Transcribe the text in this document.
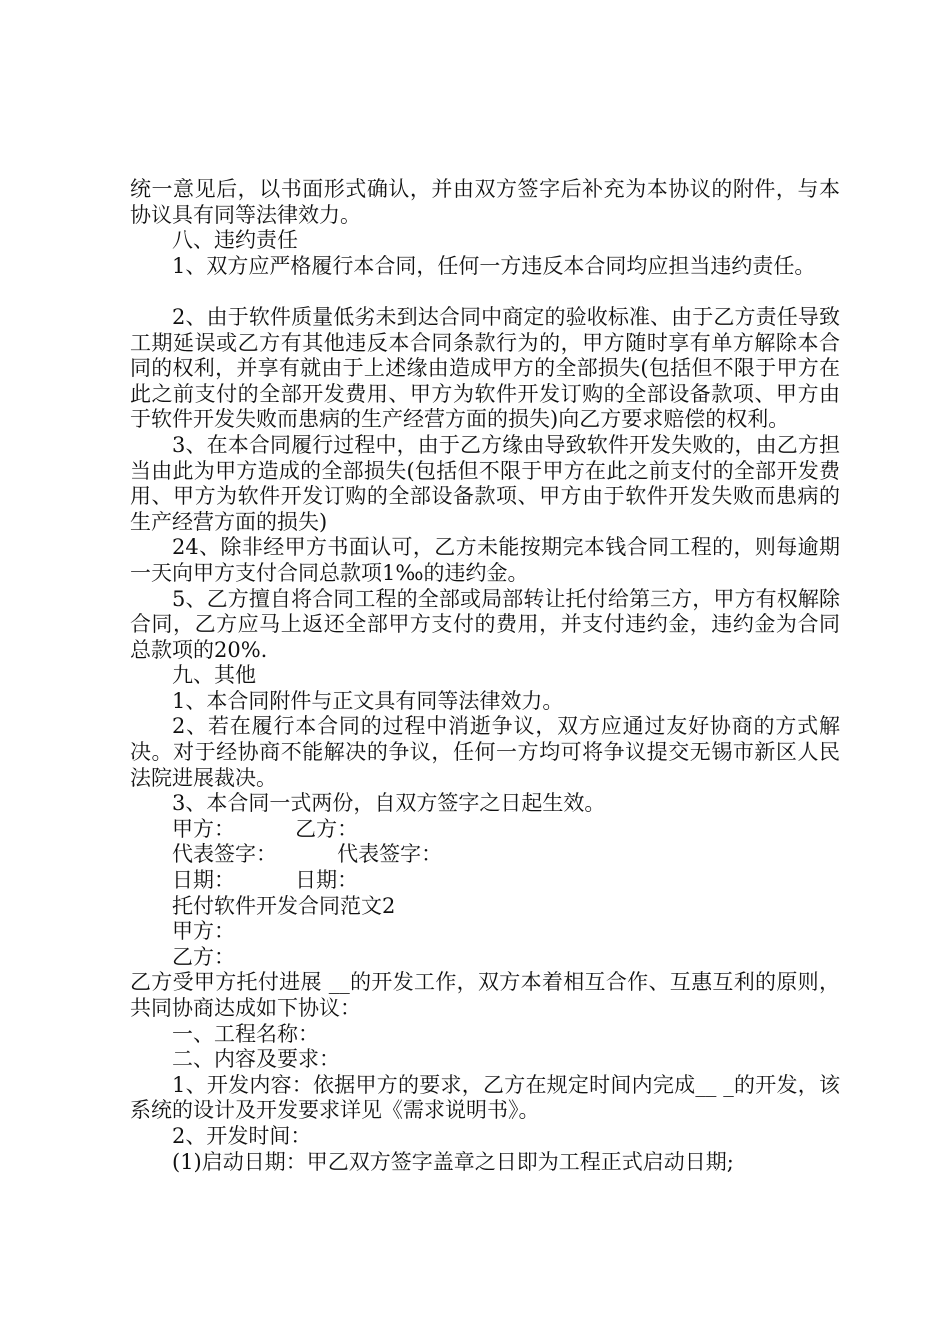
统一意见后，以书面形式确认，并由双方签字后补充为本协议的附件，与本协议具有同等法律效力。

八、违约责任

1、双方应严格履行本合同，任何一方违反本合同均应担当违约责任。

2、由于软件质量低劣未到达合同中商定的验收标准、由于乙方责任导致工期延误或乙方有其他违反本合同条款行为的，甲方随时享有单方解除本合同的权利，并享有就由于上述缘由造成甲方的全部损失(包括但不限于甲方在此之前支付的全部开发费用、甲方为软件开发订购的全部设备款项、甲方由于软件开发失败而患病的生产经营方面的损失)向乙方要求赔偿的权利。

3、在本合同履行过程中，由于乙方缘由导致软件开发失败的，由乙方担当由此为甲方造成的全部损失(包括但不限于甲方在此之前支付的全部开发费用、甲方为软件开发订购的全部设备款项、甲方由于软件开发失败而患病的生产经营方面的损失)

24、除非经甲方书面认可，乙方未能按期完本钱合同工程的，则每逾期一天向甲方支付合同总款项1‰的违约金。

5、乙方擅自将合同工程的全部或局部转让托付给第三方，甲方有权解除合同，乙方应马上返还全部甲方支付的费用，并支付违约金，违约金为合同总款项的20%.

九、其他

1、本合同附件与正文具有同等法律效力。

2、若在履行本合同的过程中消逝争议，双方应通过友好协商的方式解决。对于经协商不能解决的争议，任何一方均可将争议提交无锡市新区人民法院进展裁决。

3、本合同一式两份，自双方签字之日起生效。

甲方：	乙方：
代表签字：	代表签字：
日期：	日期：

托付软件开发合同范文2

甲方：

乙方：

乙方受甲方托付进展 __的开发工作，双方本着相互合作、互惠互利的原则，共同协商达成如下协议：

一、工程名称：

二、内容及要求：

1、开发内容：依据甲方的要求，乙方在规定时间内完成__ _的开发，该系统的设计及开发要求详见《需求说明书》。

2、开发时间：

(1)启动日期：甲乙双方签字盖章之日即为工程正式启动日期;
